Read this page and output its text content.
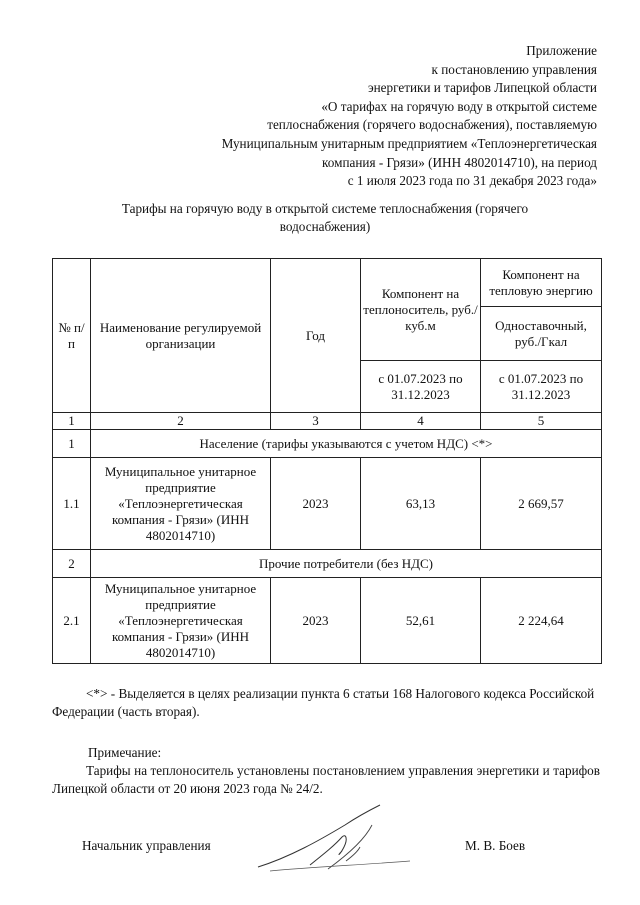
Приложение
к постановлению управления
энергетики и тарифов Липецкой области
«О тарифах на горячую воду в открытой системе
теплоснабжения (горячего водоснабжения), поставляемую
Муниципальным унитарным предприятием «Теплоэнергетическая
компания - Грязи» (ИНН 4802014710), на период
с 1 июля 2023 года по 31 декабря 2023 года»
Тарифы на горячую воду в открытой системе теплоснабжения (горячего
водоснабжения)
№ п/п	Наименование регулируемой организации	Год	Компонент на теплоноситель, руб./куб.м	Компонент на тепловую энергию
				Одноставочный, руб./Гкал
			с 01.07.2023 по 31.12.2023	с 01.07.2023 по 31.12.2023
1	2	3	4	5
1	Население (тарифы указываются с учетом НДС) <*>			
1.1	Муниципальное унитарное предприятие «Теплоэнергетическая компания - Грязи» (ИНН 4802014710)	2023	63,13	2 669,57
2	Прочие потребители (без НДС)			
2.1	Муниципальное унитарное предприятие «Теплоэнергетическая компания - Грязи» (ИНН 4802014710)	2023	52,61	2 224,64
<*> - Выделяется в целях реализации пункта 6 статьи 168 Налогового кодекса Российской Федерации (часть вторая).
Примечание:
Тарифы на теплоноситель установлены постановлением управления энергетики и тарифов Липецкой области от 20 июня 2023 года № 24/2.
Начальник управления	М. В. Боев
